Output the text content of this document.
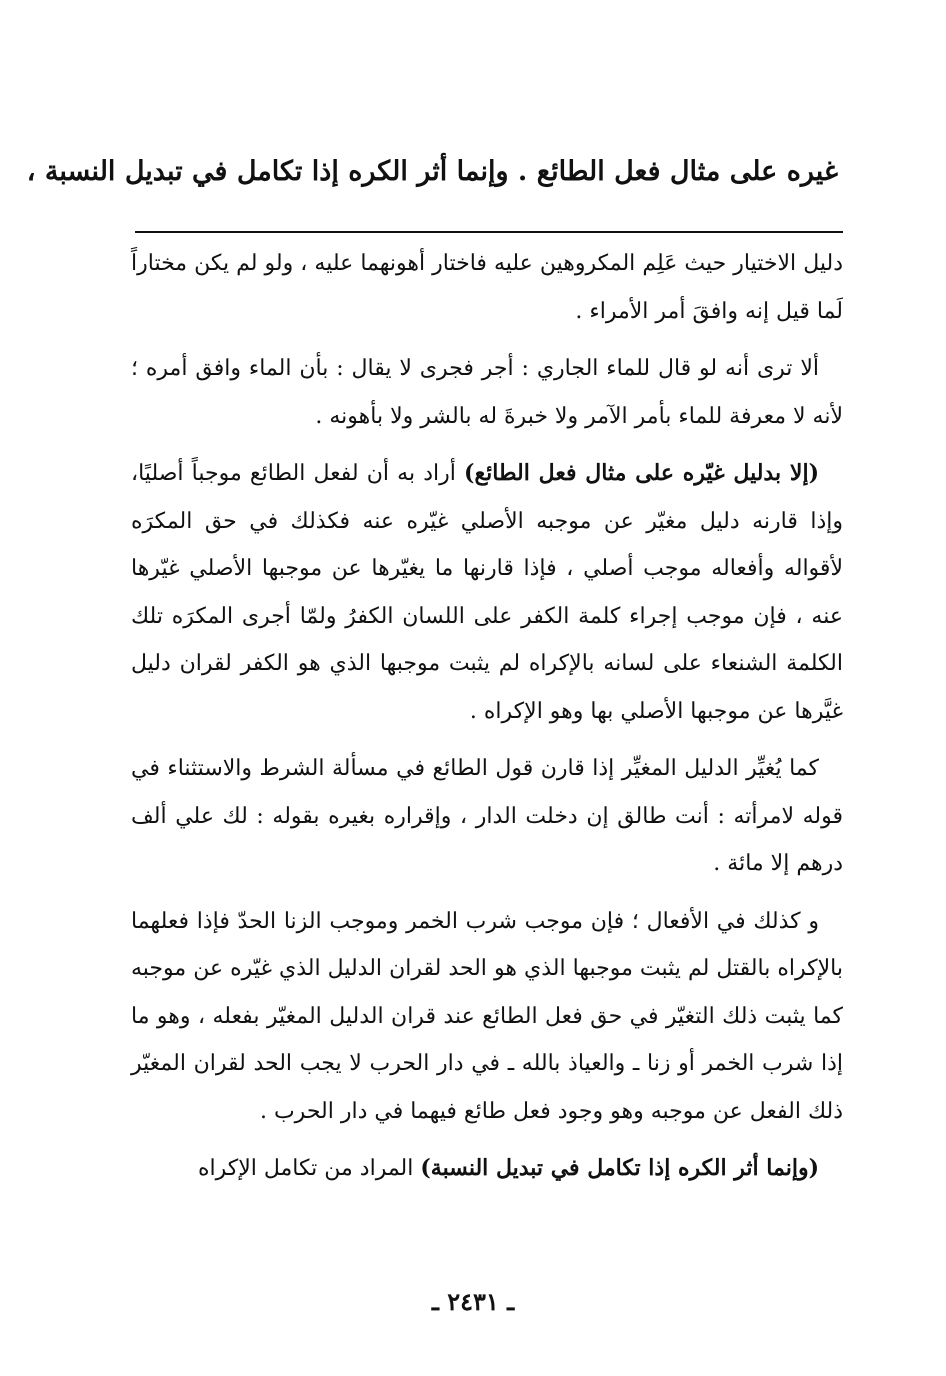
غيره على مثال فعل الطائع . وإنما أثر الكره إذا تكامل في تبديل النسبة ،

دليل الاختيار حيث عَلِم المكروهين عليه فاختار أهونهما عليه ، ولو لم يكن مختاراً لَما قيل إنه وافقَ أمر الأمراء .

ألا ترى أنه لو قال للماء الجاري : أجر فجرى لا يقال : بأن الماء وافق أمره ؛ لأنه لا معرفة للماء بأمر الآمر ولا خبرةَ له بالشر ولا بأهونه .

(إلا بدليل غيّره على مثال فعل الطائع) أراد به أن لفعل الطائع موجباً أصليًا، وإذا قارنه دليل مغيّر عن موجبه الأصلي غيّره عنه فكذلك في حق المكرَه لأقواله وأفعاله موجب أصلي ، فإذا قارنها ما يغيّرها عن موجبها الأصلي غيّرها عنه ، فإن موجب إجراء كلمة الكفر على اللسان الكفرُ ولمّا أجرى المكرَه تلك الكلمة الشنعاء على لسانه بالإكراه لم يثبت موجبها الذي هو الكفر لقران دليل غيَّرها عن موجبها الأصلي بها وهو الإكراه .

كما يُغيِّر الدليل المغيِّر إذا قارن قول الطائع في مسألة الشرط والاستثناء في قوله لامرأته : أنت طالق إن دخلت الدار ، وإقراره بغيره بقوله : لك علي ألف درهم إلا مائة .

و كذلك في الأفعال ؛ فإن موجب شرب الخمر وموجب الزنا الحدّ فإذا فعلهما بالإكراه بالقتل لم يثبت موجبها الذي هو الحد لقران الدليل الذي غيّره عن موجبه كما يثبت ذلك التغيّر في حق فعل الطائع عند قران الدليل المغيّر بفعله ، وهو ما إذا شرب الخمر أو زنا ـ والعياذ بالله ـ في دار الحرب لا يجب الحد لقران المغيّر ذلك الفعل عن موجبه وهو وجود فعل طائع فيهما في دار الحرب .

(وإنما أثر الكره إذا تكامل في تبديل النسبة) المراد من تكامل الإكراه

ـ ٢٤٣١ ـ
